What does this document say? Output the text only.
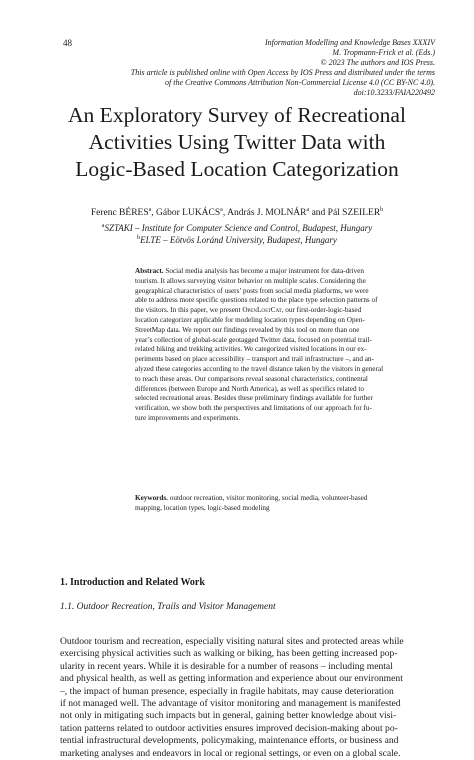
48	Information Modelling and Knowledge Bases XXXIV
M. Tropmann-Frick et al. (Eds.)
© 2023 The authors and IOS Press.
This article is published online with Open Access by IOS Press and distributed under the terms
of the Creative Commons Attribution Non-Commercial License 4.0 (CC BY-NC 4.0).
doi:10.3233/FAIA220492
An Exploratory Survey of Recreational
Activities Using Twitter Data with
Logic-Based Location Categorization
Ferenc BÉRES$^a$, Gábor LUKÁCS$^a$, András J. MOLNÁR$^a$ and Pál SZEILER$^b$
$^a$SZTAKI – Institute for Computer Science and Control, Budapest, Hungary
$^b$ELTE – Eötvös Loránd University, Budapest, Hungary
Abstract. Social media analysis has become a major instrument for data-driven
tourism. It allows surveying visitor behavior on multiple scales. Considering the
geographical characteristics of users’ posts from social media platforms, we were
able to address more specific questions related to the place type selection patterns of
the visitors. In this paper, we present OpenLostCat, our first-order-logic-based
location categorizer applicable for modeling location types depending on Open-
StreetMap data. We report our findings revealed by this tool on more than one
year’s collection of global-scale geotagged Twitter data, focused on potential trail-
related hiking and trekking activities. We categorized visited locations in our ex-
periments based on place accessibility – transport and trail infrastructure –, and an-
alyzed these categories according to the travel distance taken by the visitors in general
to reach these areas. Our comparisons reveal seasonal characteristics, continental
differences (between Europe and North America), as well as specifics related to
selected recreational areas. Besides these preliminary findings available for further
verification, we show both the perspectives and limitations of our approach for fu-
ture improvements and experiments.
Keywords. outdoor recreation, visitor monitoring, social media, volunteer-based
mapping, location types, logic-based modeling
1. Introduction and Related Work
1.1. Outdoor Recreation, Trails and Visitor Management
Outdoor tourism and recreation, especially visiting natural sites and protected areas while
exercising physical activities such as walking or biking, has been getting increased pop-
ularity in recent years. While it is desirable for a number of reasons – including mental
and physical health, as well as getting information and experience about our environment
–, the impact of human presence, especially in fragile habitats, may cause deterioration
if not managed well. The advantage of visitor monitoring and management is manifested
not only in mitigating such impacts but in general, gaining better knowledge about visi-
tation patterns related to outdoor activities ensures improved decision-making about po-
tential infrastructural developments, policymaking, maintenance efforts, or business and
marketing analyses and endeavors in local or regional settings, or even on a global scale.
